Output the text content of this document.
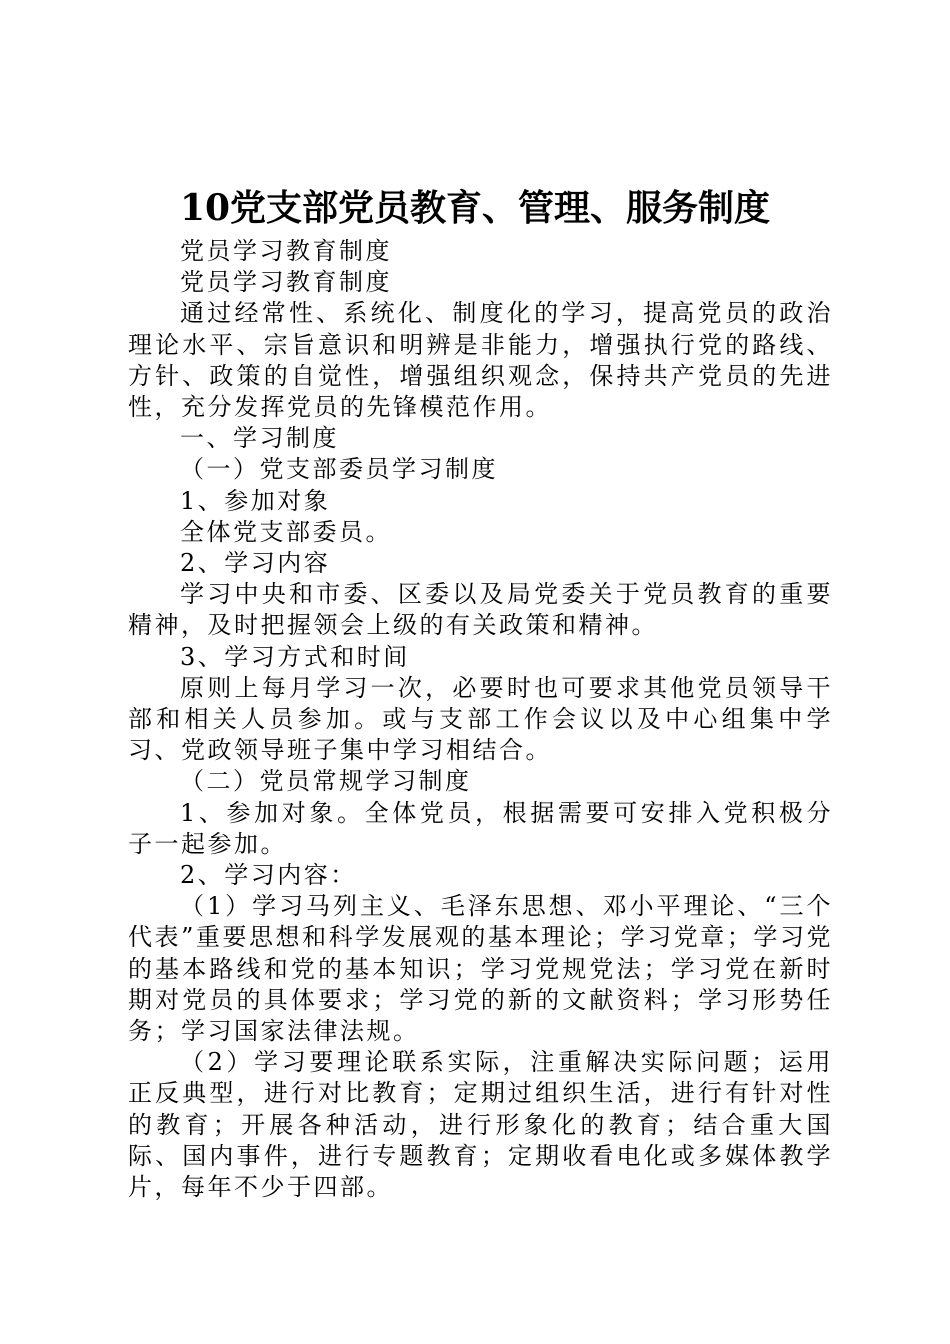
10党支部党员教育、管理、服务制度

党员学习教育制度

党员学习教育制度

通过经常性、系统化、制度化的学习，提高党员的政治理论水平、宗旨意识和明辨是非能力，增强执行党的路线、方针、政策的自觉性，增强组织观念，保持共产党员的先进性，充分发挥党员的先锋模范作用。

一、学习制度

（一）党支部委员学习制度

1、参加对象

全体党支部委员。

2、学习内容

学习中央和市委、区委以及局党委关于党员教育的重要精神，及时把握领会上级的有关政策和精神。

3、学习方式和时间

原则上每月学习一次，必要时也可要求其他党员领导干部和相关人员参加。或与支部工作会议以及中心组集中学习、党政领导班子集中学习相结合。

（二）党员常规学习制度

1、参加对象。全体党员，根据需要可安排入党积极分子一起参加。

2、学习内容：

（1）学习马列主义、毛泽东思想、邓小平理论、“三个代表”重要思想和科学发展观的基本理论；学习党章；学习党的基本路线和党的基本知识；学习党规党法；学习党在新时期对党员的具体要求；学习党的新的文献资料；学习形势任务；学习国家法律法规。

（2）学习要理论联系实际，注重解决实际问题；运用正反典型，进行对比教育；定期过组织生活，进行有针对性的教育；开展各种活动，进行形象化的教育；结合重大国际、国内事件，进行专题教育；定期收看电化或多媒体教学片，每年不少于四部。
